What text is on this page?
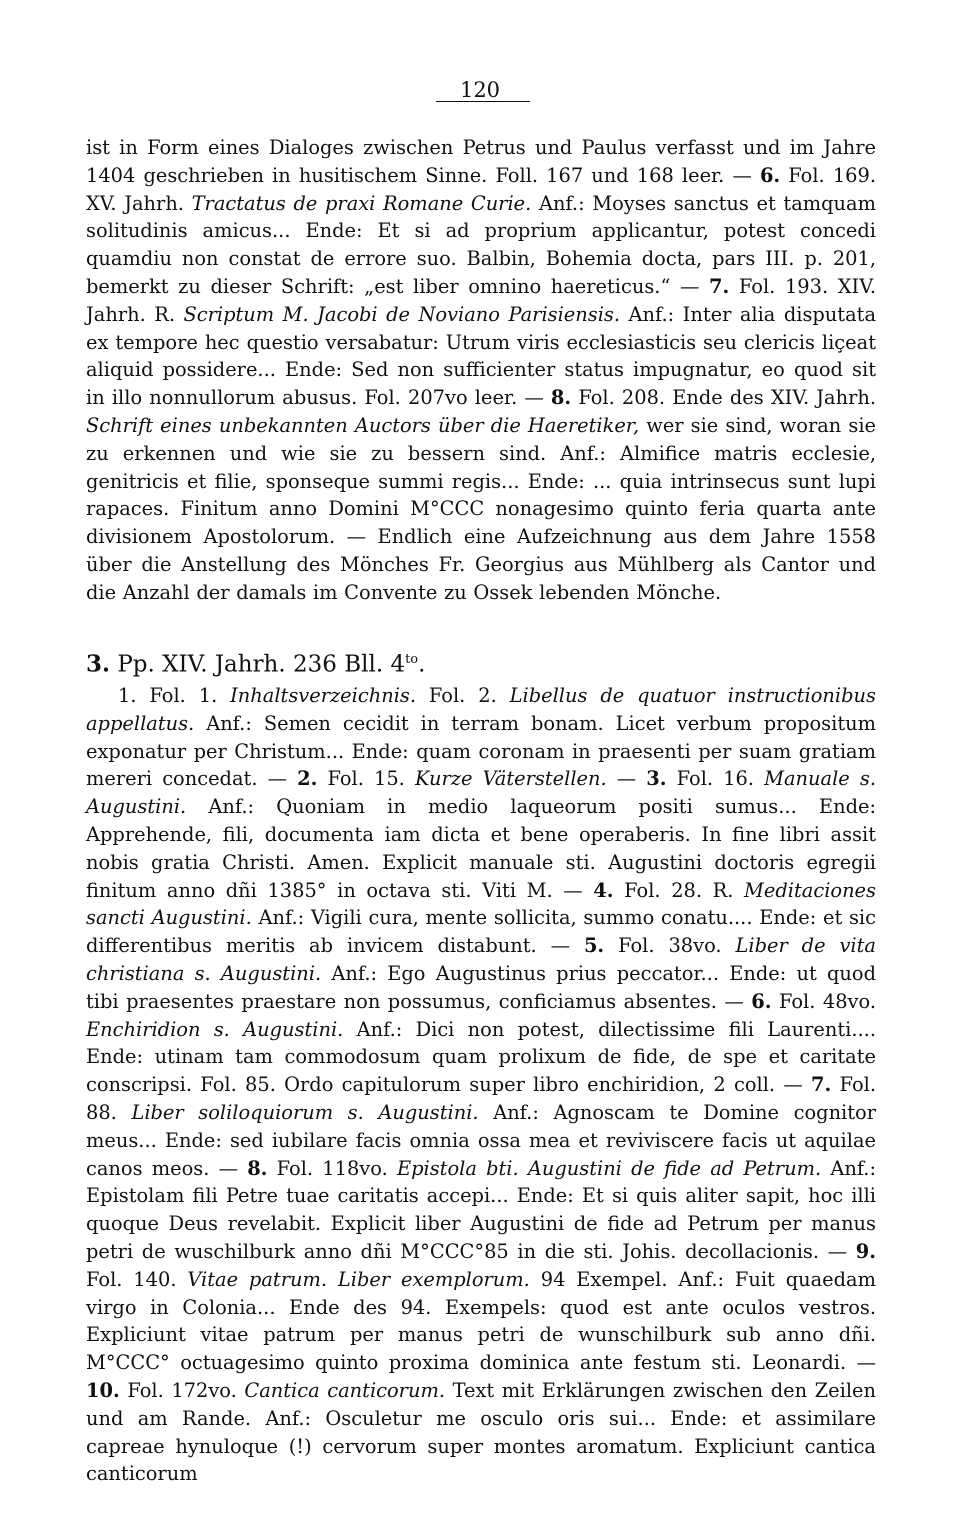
120

ist in Form eines Dialoges zwischen Petrus und Paulus verfasst und im Jahre 1404 geschrieben in husitischem Sinne. Foll. 167 und 168 leer. — 6. Fol. 169. XV. Jahrh. Tractatus de praxi Romane Curie. Anf.: Moyses sanctus et tamquam solitudinis amicus... Ende: Et si ad proprium applicantur, potest concedi quamdiu non constat de errore suo. Balbin, Bohemia docta, pars III. p. 201, bemerkt zu dieser Schrift: „est liber omnino haereticus.“ — 7. Fol. 193. XIV. Jahrh. R. Scriptum M. Jacobi de Noviano Parisiensis. Anf.: Inter alia disputata ex tempore hec questio versabatur: Utrum viris ecclesiasticis seu clericis liçeat aliquid possidere... Ende: Sed non sufficienter status impugnatur, eo quod sit in illo nonnullorum abusus. Fol. 207vo leer. — 8. Fol. 208. Ende des XIV. Jahrh. Schrift eines unbekannten Auctors über die Haeretiker, wer sie sind, woran sie zu erkennen und wie sie zu bessern sind. Anf.: Almifice matris ecclesie, genitricis et filie, sponseque summi regis... Ende: ... quia intrinsecus sunt lupi rapaces. Finitum anno Domini M°CCC nonagesimo quinto feria quarta ante divisionem Apostolorum. — Endlich eine Aufzeichnung aus dem Jahre 1558 über die Anstellung des Mönches Fr. Georgius aus Mühlberg als Cantor und die Anzahl der damals im Convente zu Ossek lebenden Mönche.

3. Pp. XIV. Jahrh. 236 Bll. $4^{to}$.

1. Fol. 1. Inhaltsverzeichnis. Fol. 2. Libellus de quatuor instructionibus appellatus. Anf.: Semen cecidit in terram bonam. Licet verbum propositum exponatur per Christum... Ende: quam coronam in praesenti per suam gratiam mereri concedat. — 2. Fol. 15. Kurze Väterstellen. — 3. Fol. 16. Manuale s. Augustini. Anf.: Quoniam in medio laqueorum positi sumus... Ende: Apprehende, fili, documenta iam dicta et bene operaberis. In fine libri assit nobis gratia Christi. Amen. Explicit manuale sti. Augustini doctoris egregii finitum anno dñi 1385° in octava sti. Viti M. — 4. Fol. 28. R. Meditaciones sancti Augustini. Anf.: Vigili cura, mente sollicita, summo conatu.... Ende: et sic differentibus meritis ab invicem distabunt. — 5. Fol. 38vo. Liber de vita christiana s. Augustini. Anf.: Ego Augustinus prius peccator... Ende: ut quod tibi praesentes praestare non possumus, conficiamus absentes. — 6. Fol. 48vo. Enchiridion s. Augustini. Anf.: Dici non potest, dilectissime fili Laurenti.... Ende: utinam tam commodosum quam prolixum de fide, de spe et caritate conscripsi. Fol. 85. Ordo capitulorum super libro enchiridion, 2 coll. — 7. Fol. 88. Liber soliloquiorum s. Augustini. Anf.: Agnoscam te Domine cognitor meus... Ende: sed iubilare facis omnia ossa mea et reviviscere facis ut aquilae canos meos. — 8. Fol. 118vo. Epistola bti. Augustini de fide ad Petrum. Anf.: Epistolam fili Petre tuae caritatis accepi... Ende: Et si quis aliter sapit, hoc illi quoque Deus revelabit. Explicit liber Augustini de fide ad Petrum per manus petri de wuschilburk anno dñi M°CCC°85 in die sti. Johis. decollacionis. — 9. Fol. 140. Vitae patrum. Liber exemplorum. 94 Exempel. Anf.: Fuit quaedam virgo in Colonia... Ende des 94. Exempels: quod est ante oculos vestros. Expliciunt vitae patrum per manus petri de wunschilburk sub anno dñi. M°CCC° octuagesimo quinto proxima dominica ante festum sti. Leonardi. — 10. Fol. 172vo. Cantica canticorum. Text mit Erklärungen zwischen den Zeilen und am Rande. Anf.: Osculetur me osculo oris sui... Ende: et assimilare capreae hynuloque (!) cervorum super montes aromatum. Expliciunt cantica canticorum
